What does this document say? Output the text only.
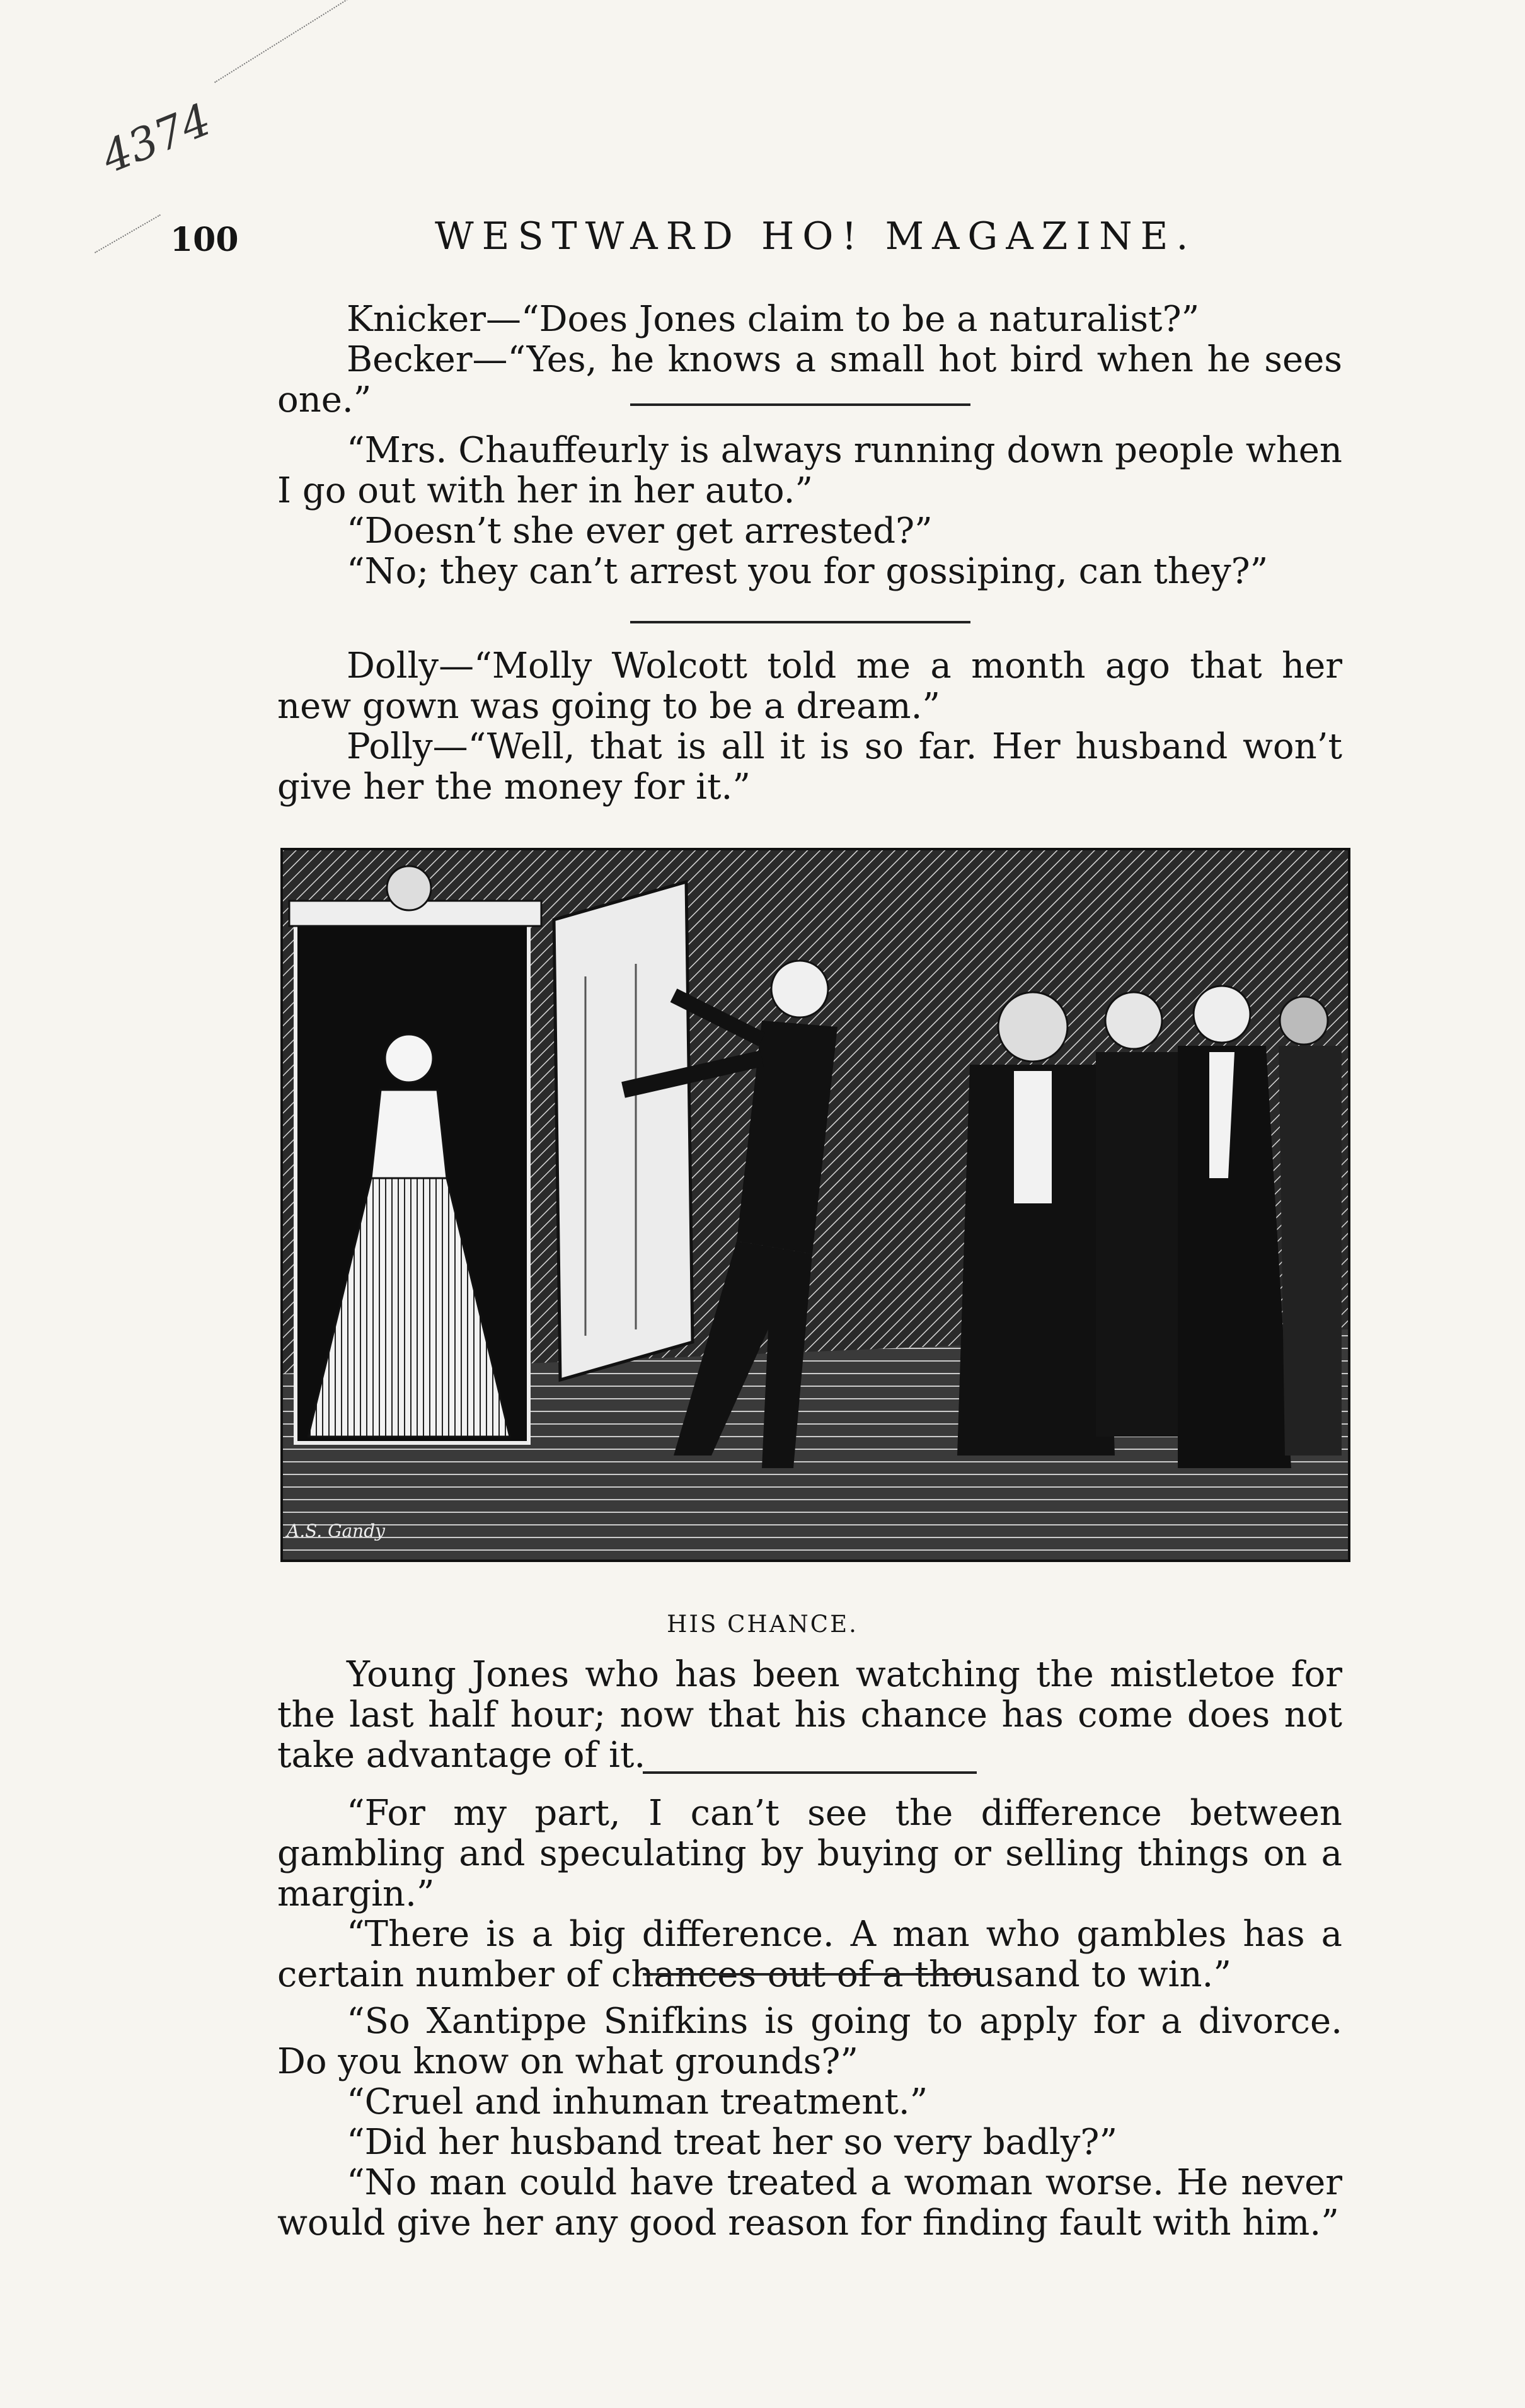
4374
100	WESTWARD HO! MAGAZINE.

Knicker—“Does Jones claim to be a naturalist?”

Becker—“Yes, he knows a small hot bird when he sees one.”

“Mrs. Chauffeurly is always running down people when I go out with her in her auto.”

“Doesn’t she ever get arrested?”

“No; they can’t arrest you for gossiping, can they?”

Dolly—“Molly Wolcott told me a month ago that her new gown was going to be a dream.”

Polly—“Well, that is all it is so far. Her husband won’t give her the money for it.”

A.S. Gandy
HIS CHANCE.

Young Jones who has been watching the mistletoe for the last half hour; now that his chance has come does not take advantage of it.

“For my part, I can’t see the difference between gambling and speculating by buying or selling things on a margin.”

“There is a big difference. A man who gambles has a certain number of chances out of a thousand to win.”

“So Xantippe Snifkins is going to apply for a divorce. Do you know on what grounds?”

“Cruel and inhuman treatment.”

“Did her husband treat her so very badly?”

“No man could have treated a woman worse. He never would give her any good reason for finding fault with him.”
